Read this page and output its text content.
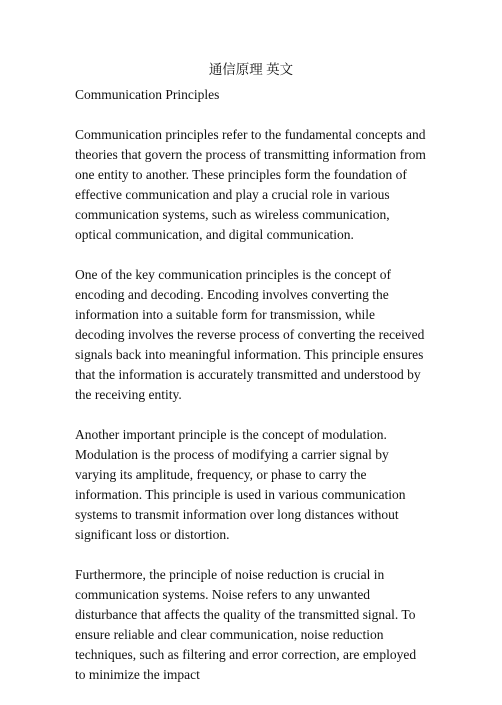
通信原理 英文
Communication Principles

Communication principles refer to the fundamental concepts and theories that govern the process of transmitting information from one entity to another. These principles form the foundation of effective communication and play a crucial role in various communication systems, such as wireless communication, optical communication, and digital communication.

One of the key communication principles is the concept of encoding and decoding. Encoding involves converting the information into a suitable form for transmission, while decoding involves the reverse process of converting the received signals back into meaningful information. This principle ensures that the information is accurately transmitted and understood by the receiving entity.

Another important principle is the concept of modulation. Modulation is the process of modifying a carrier signal by varying its amplitude, frequency, or phase to carry the information. This principle is used in various communication systems to transmit information over long distances without significant loss or distortion.

Furthermore, the principle of noise reduction is crucial in communication systems. Noise refers to any unwanted disturbance that affects the quality of the transmitted signal. To ensure reliable and clear communication, noise reduction techniques, such as filtering and error correction, are employed to minimize the impact
